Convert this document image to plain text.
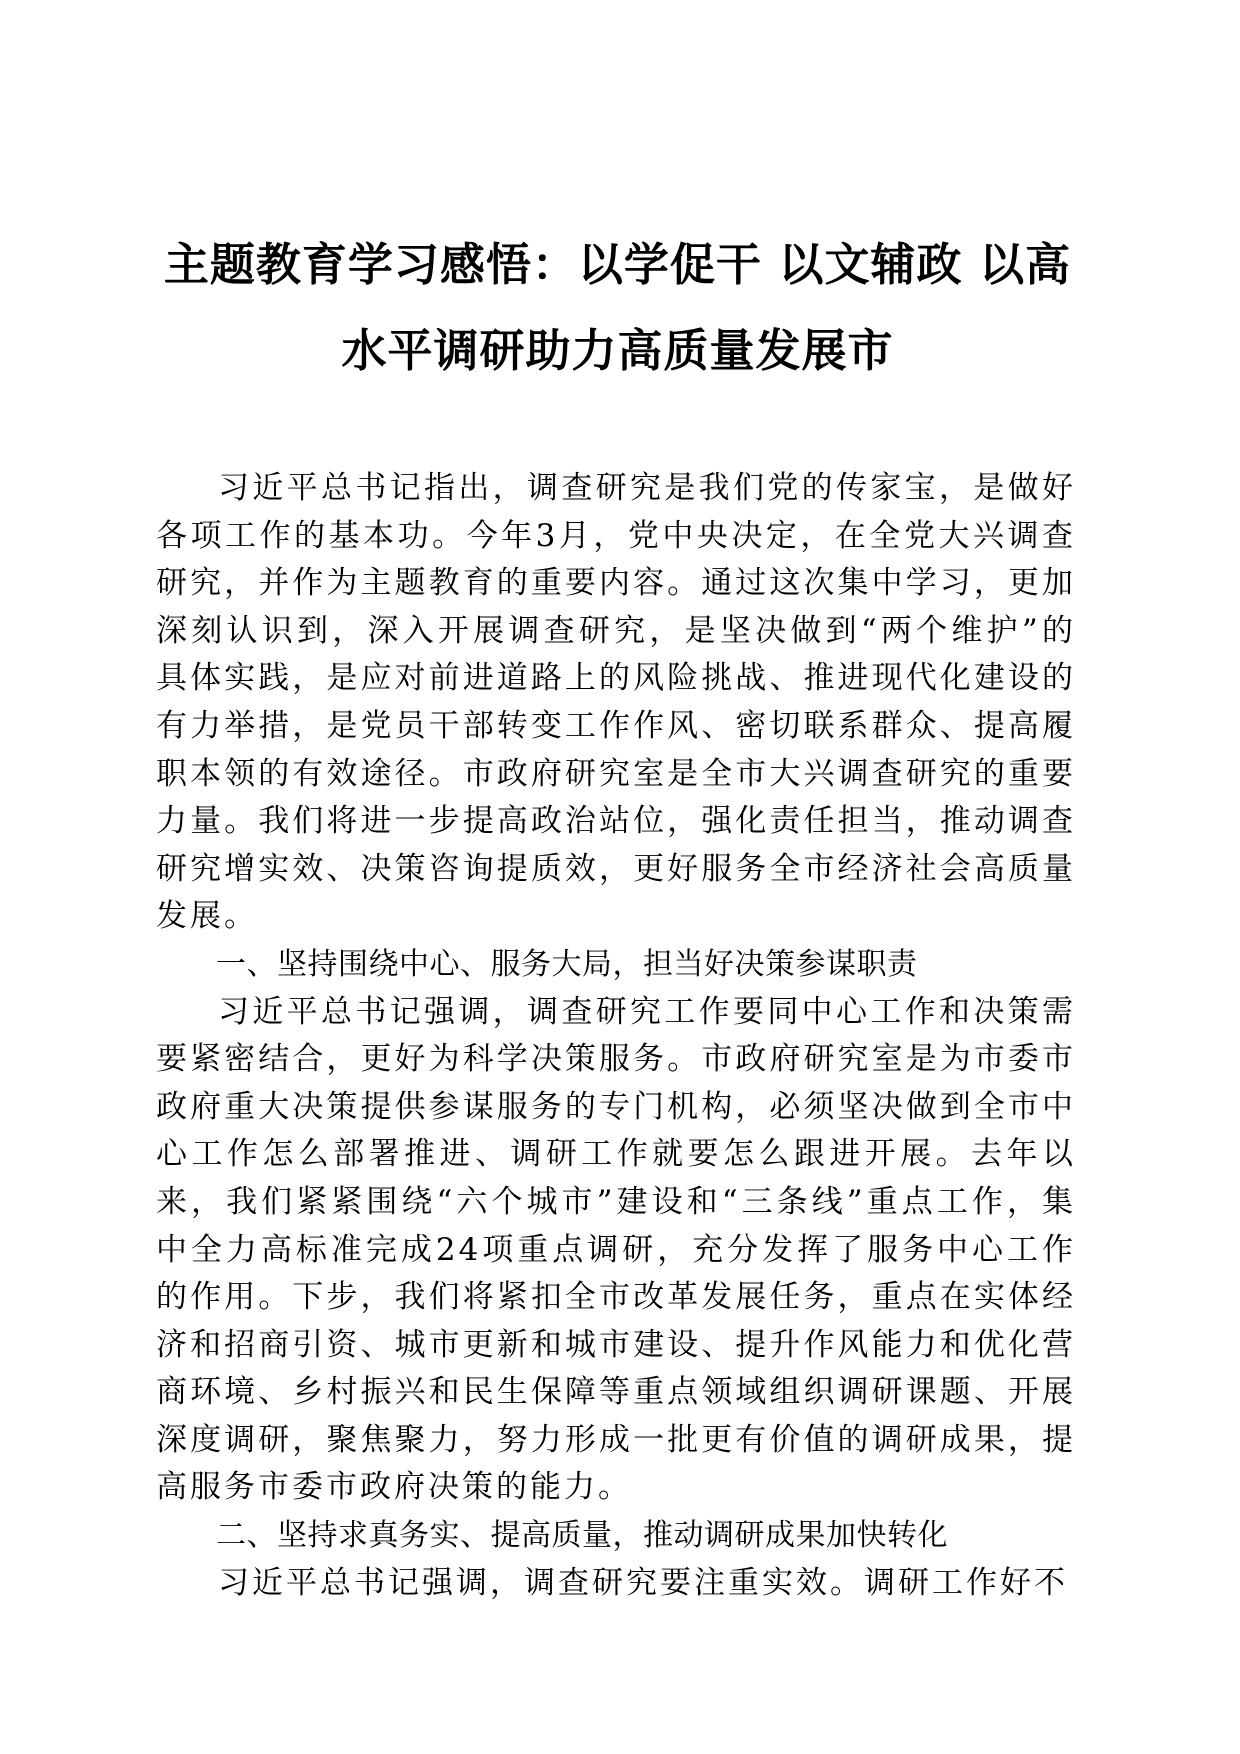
主题教育学习感悟：以学促干 以文辅政 以高
水平调研助力高质量发展市

习近平总书记指出，调查研究是我们党的传家宝，是做好各项工作的基本功。今年3月，党中央决定，在全党大兴调查研究，并作为主题教育的重要内容。通过这次集中学习，更加深刻认识到，深入开展调查研究，是坚决做到“两个维护”的具体实践，是应对前进道路上的风险挑战、推进现代化建设的有力举措，是党员干部转变工作作风、密切联系群众、提高履职本领的有效途径。市政府研究室是全市大兴调查研究的重要力量。我们将进一步提高政治站位，强化责任担当，推动调查研究增实效、决策咨询提质效，更好服务全市经济社会高质量发展。

一、坚持围绕中心、服务大局，担当好决策参谋职责

习近平总书记强调，调查研究工作要同中心工作和决策需要紧密结合，更好为科学决策服务。市政府研究室是为市委市政府重大决策提供参谋服务的专门机构，必须坚决做到全市中心工作怎么部署推进、调研工作就要怎么跟进开展。去年以来，我们紧紧围绕“六个城市”建设和“三条线”重点工作，集中全力高标准完成24项重点调研，充分发挥了服务中心工作的作用。下步，我们将紧扣全市改革发展任务，重点在实体经济和招商引资、城市更新和城市建设、提升作风能力和优化营商环境、乡村振兴和民生保障等重点领域组织调研课题、开展深度调研，聚焦聚力，努力形成一批更有价值的调研成果，提高服务市委市政府决策的能力。

二、坚持求真务实、提高质量，推动调研成果加快转化

习近平总书记强调，调查研究要注重实效。调研工作好不
